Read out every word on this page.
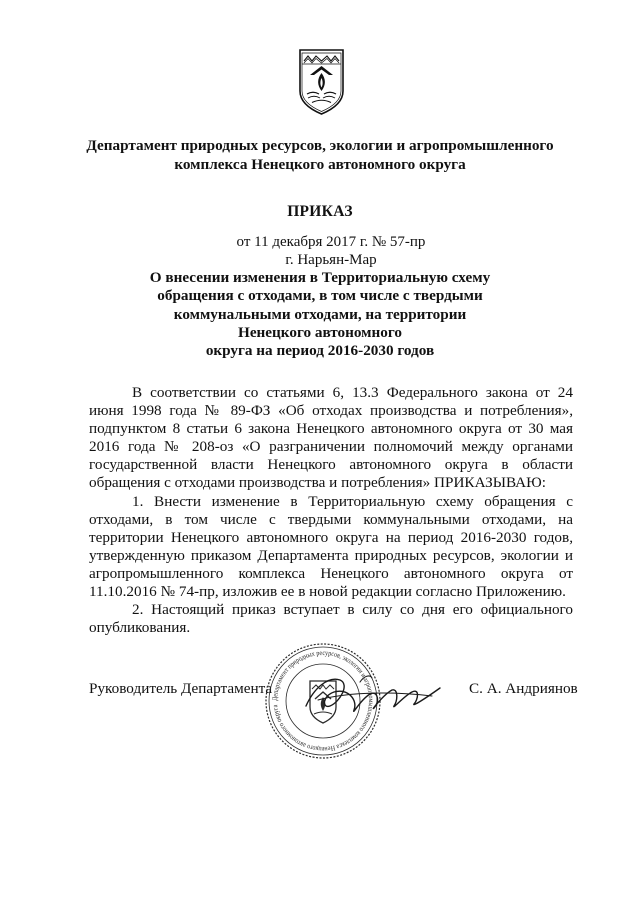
Департамент природных ресурсов, экологии и агропромышленного
комплекса Ненецкого автономного округа
ПРИКАЗ
от 11 декабря 2017 г. № 57-пр
г. Нарьян-Мар
О внесении изменения в Территориальную схему
обращения с отходами, в том числе с твердыми
коммунальными отходами, на территории
Ненецкого автономного
округа на период 2016-2030 годов

В соответствии со статьями 6, 13.3 Федерального закона от 24 июня 1998 года № 89-ФЗ «Об отходах производства и потребления», подпунктом 8 статьи 6 закона Ненецкого автономного округа от 30 мая 2016 года № 208-оз «О разграничении полномочий между органами государственной власти Ненецкого автономного округа в области обращения с отходами производства и потребления» ПРИКАЗЫВАЮ:

1. Внести изменение в Территориальную схему обращения с отходами, в том числе с твердыми коммунальными отходами, на территории Ненецкого автономного округа на период 2016-2030 годов, утвержденную приказом Департамента природных ресурсов, экологии и агропромышленного комплекса Ненецкого автономного округа от 11.10.2016 № 74-пр, изложив ее в новой редакции согласно Приложению.

2. Настоящий приказ вступает в силу со дня его официального опубликования.

Руководитель Департамента	С. А. Андриянов
Департамент природных ресурсов, экологии и агропромышленного комплекса Ненецкого автономного округа
